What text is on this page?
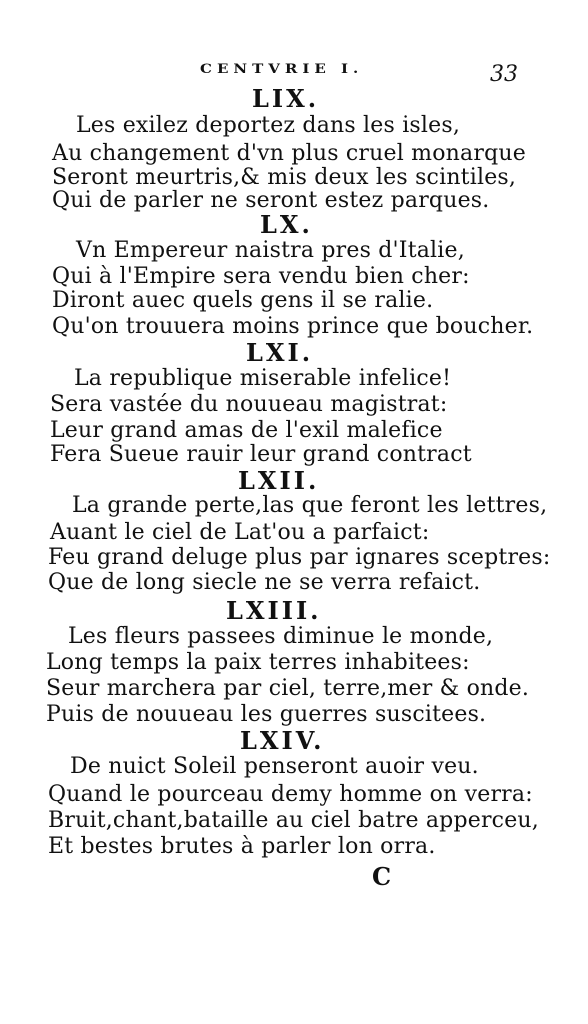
CENTVRIE I.	33
LIX.
Les exilez deportez dans les isles,
Au changement d'vn plus cruel monarque
Seront meurtris,& mis deux les scintiles,
Qui de parler ne seront estez parques.
LX.
Vn Empereur naistra pres d'Italie,
Qui à l'Empire sera vendu bien cher:
Diront auec quels gens il se ralie.
Qu'on trouuera moins prince que boucher.
LXI.
La republique miserable infelice!
Sera vastée du nouueau magistrat:
Leur grand amas de l'exil malefice
Fera Sueue rauir leur grand contract
LXII.
La grande perte,las que feront les lettres,
Auant le ciel de Lat'ou a parfaict:
Feu grand deluge plus par ignares sceptres:
Que de long siecle ne se verra refaict.
LXIII.
Les fleurs passees diminue le monde,
Long temps la paix terres inhabitees:
Seur marchera par ciel, terre,mer & onde.
Puis de nouueau les guerres suscitees.
LXIV.
De nuict Soleil penseront auoir veu.
Quand le pourceau demy homme on verra:
Bruit,chant,bataille au ciel batre apperceu,
Et bestes brutes à parler lon orra.
C
